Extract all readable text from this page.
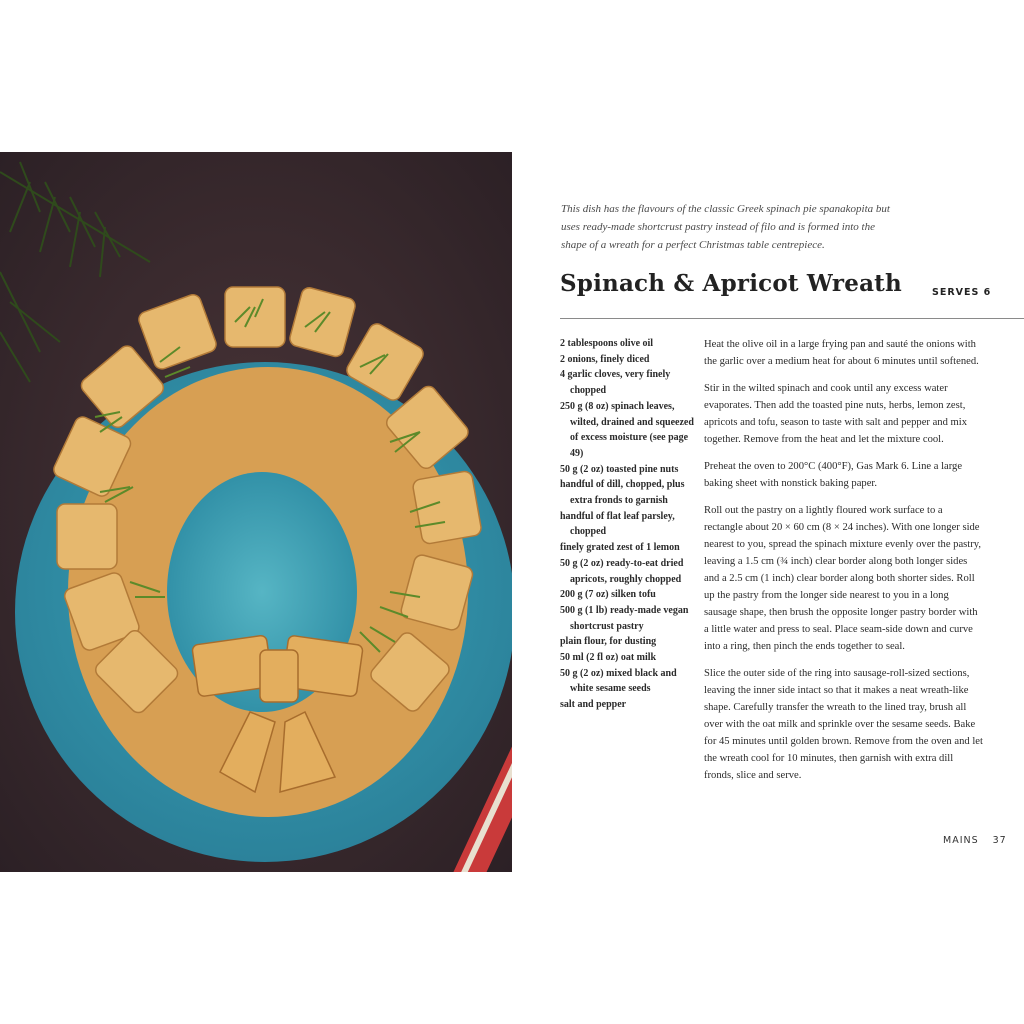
This dish has the flavours of the classic Greek spinach pie spanakopita but uses ready-made shortcrust pastry instead of filo and is formed into the shape of a wreath for a perfect Christmas table centrepiece.
Spinach & Apricot Wreath	SERVES 6
2 tablespoons olive oil
2 onions, finely diced
4 garlic cloves, very finely chopped
250 g (8 oz) spinach leaves, wilted, drained and squeezed of excess moisture (see page 49)
50 g (2 oz) toasted pine nuts
handful of dill, chopped, plus extra fronds to garnish
handful of flat leaf parsley, chopped
finely grated zest of 1 lemon
50 g (2 oz) ready-to-eat dried apricots, roughly chopped
200 g (7 oz) silken tofu
500 g (1 lb) ready-made vegan shortcrust pastry
plain flour, for dusting
50 ml (2 fl oz) oat milk
50 g (2 oz) mixed black and white sesame seeds
salt and pepper

Heat the olive oil in a large frying pan and sauté the onions with the garlic over a medium heat for about 6 minutes until softened.

Stir in the wilted spinach and cook until any excess water evaporates. Then add the toasted pine nuts, herbs, lemon zest, apricots and tofu, season to taste with salt and pepper and mix together. Remove from the heat and let the mixture cool.

Preheat the oven to 200°C (400°F), Gas Mark 6. Line a large baking sheet with nonstick baking paper.

Roll out the pastry on a lightly floured work surface to a rectangle about 20 × 60 cm (8 × 24 inches). With one longer side nearest to you, spread the spinach mixture evenly over the pastry, leaving a 1.5 cm (¾ inch) clear border along both longer sides and a 2.5 cm (1 inch) clear border along both shorter sides. Roll up the pastry from the longer side nearest to you in a long sausage shape, then brush the opposite longer pastry border with a little water and press to seal. Place seam-side down and curve into a ring, then pinch the ends together to seal.

Slice the outer side of the ring into sausage-roll-sized sections, leaving the inner side intact so that it makes a neat wreath-like shape. Carefully transfer the wreath to the lined tray, brush all over with the oat milk and sprinkle over the sesame seeds. Bake for 45 minutes until golden brown. Remove from the oven and let the wreath cool for 10 minutes, then garnish with extra dill fronds, slice and serve.

MAINS 37
